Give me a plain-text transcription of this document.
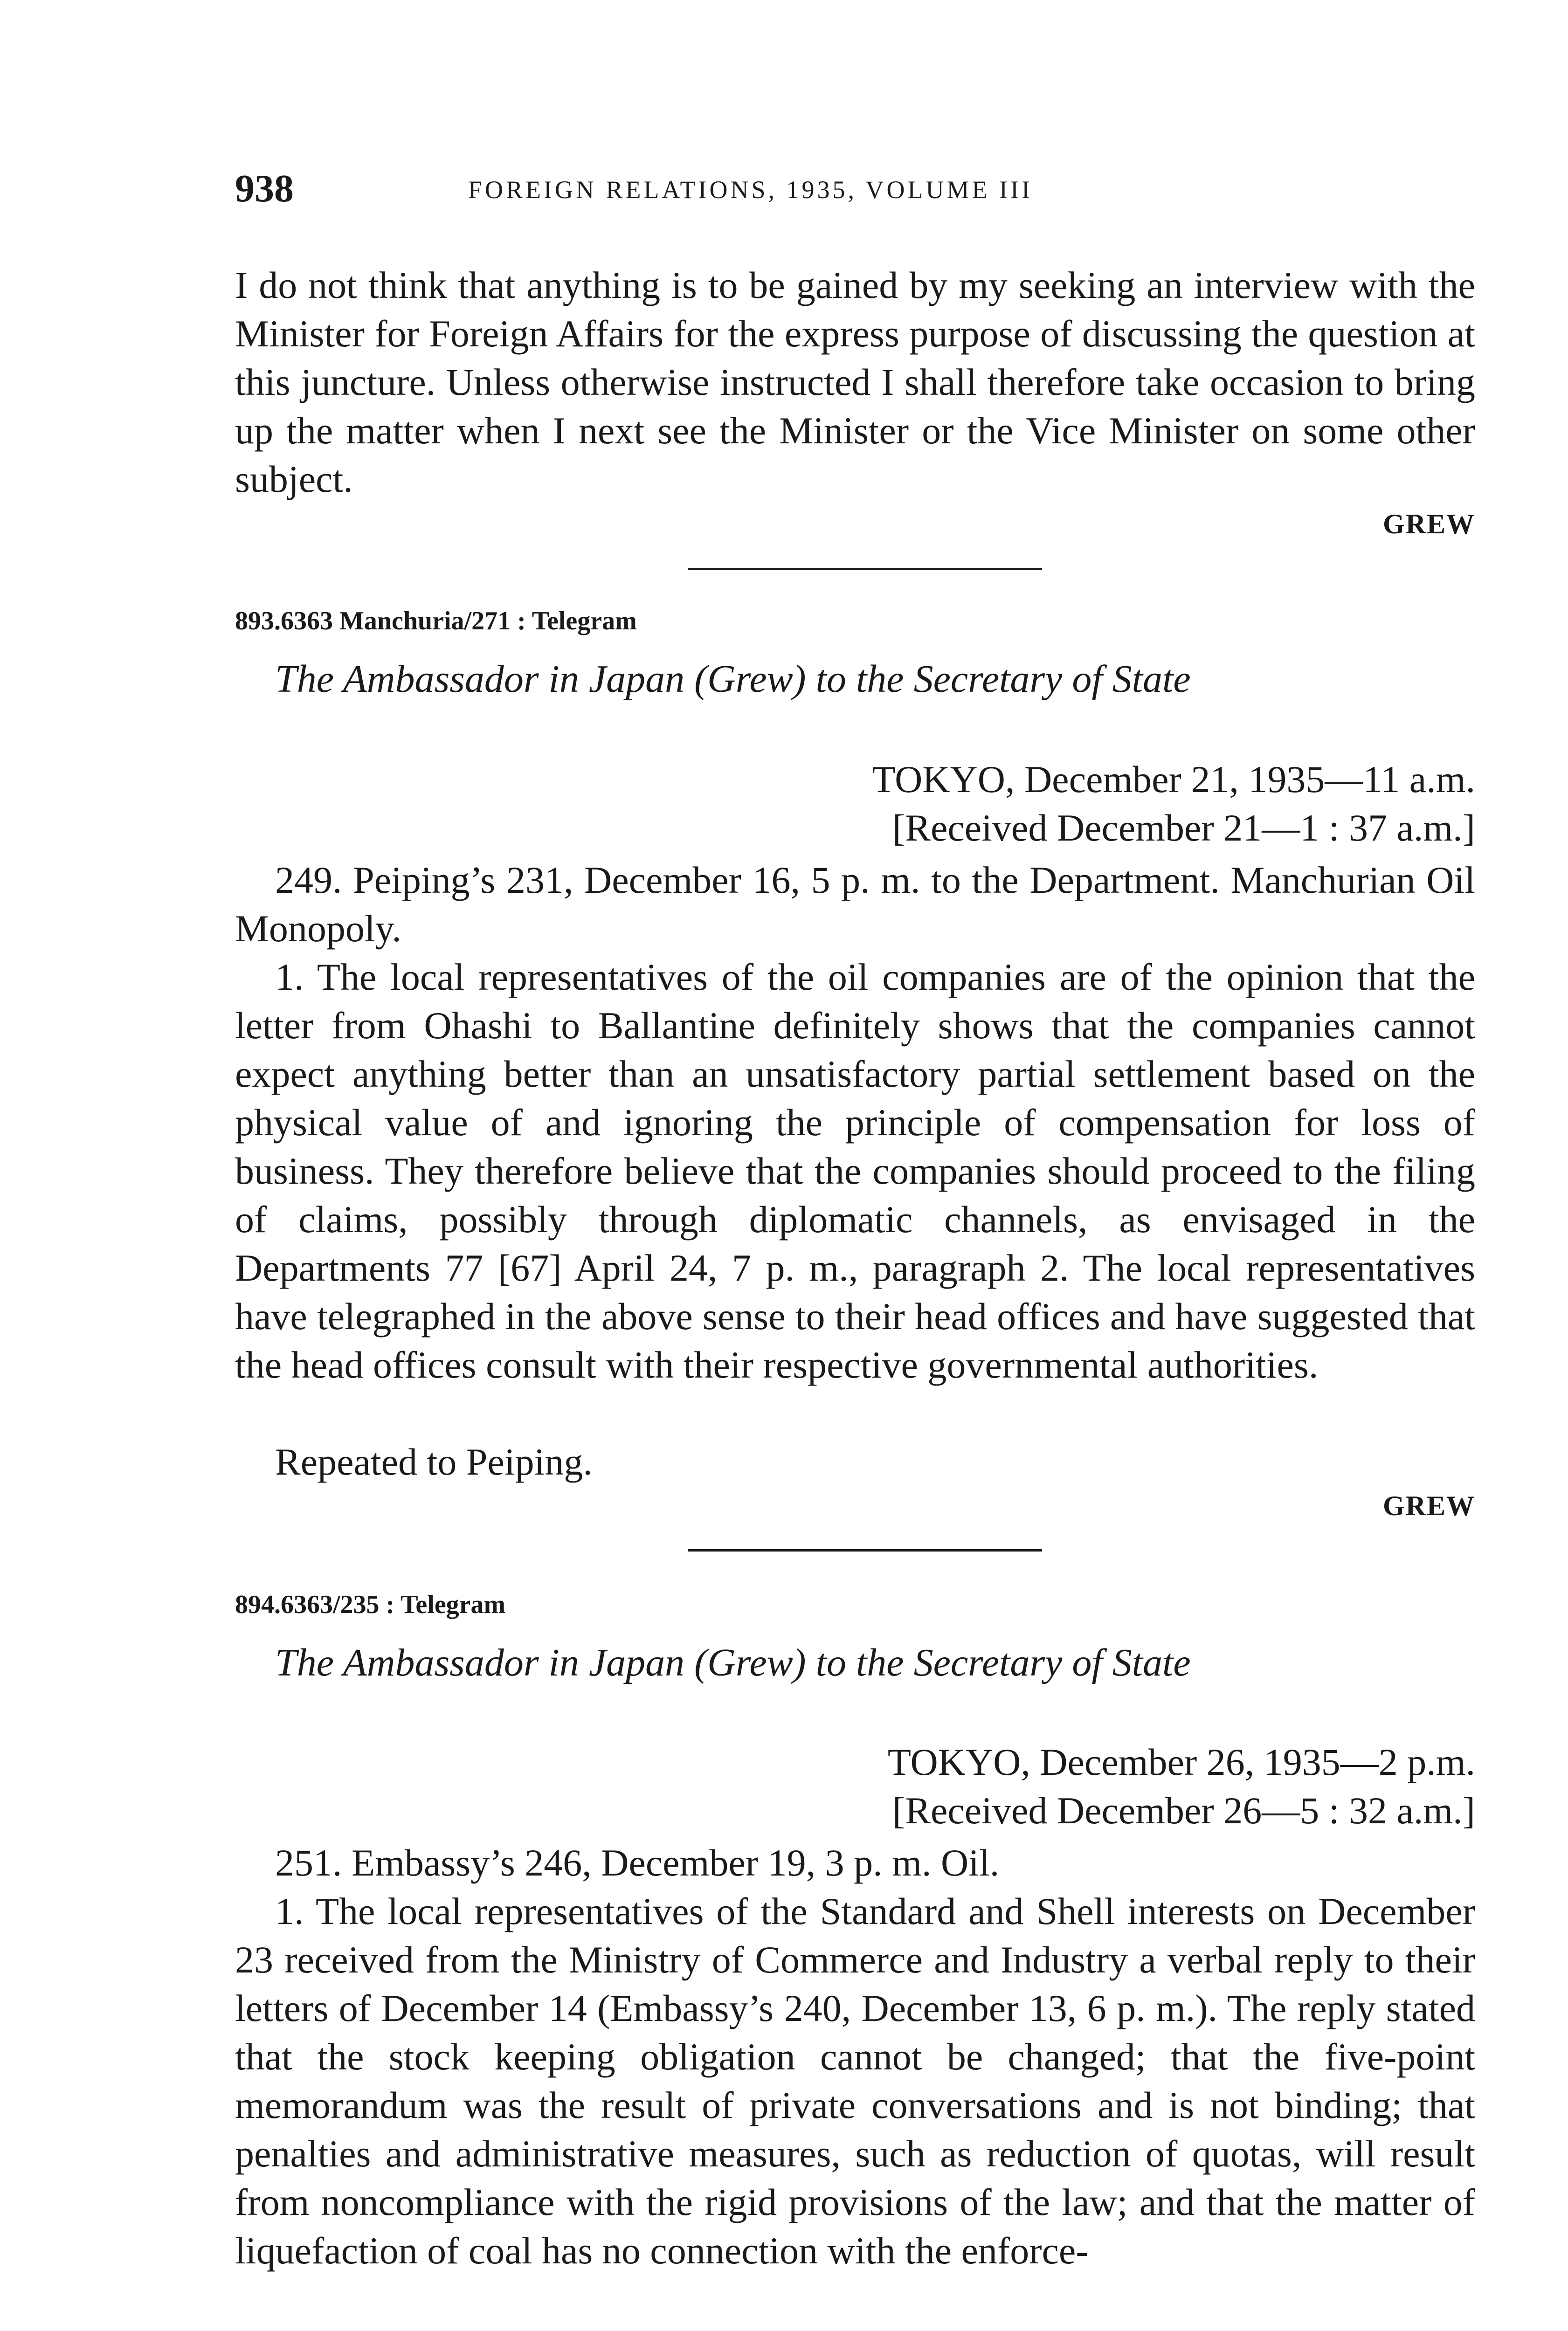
938	FOREIGN RELATIONS, 1935, VOLUME III

I do not think that anything is to be gained by my seeking an interview with the Minister for Foreign Affairs for the express purpose of discussing the question at this juncture. Unless otherwise instructed I shall therefore take occasion to bring up the matter when I next see the Minister or the Vice Minister on some other subject.

GREW
893.6363 Manchuria/271 : Telegram
The Ambassador in Japan (Grew) to the Secretary of State
TOKYO, December 21, 1935—11 a.m.
[Received December 21—1 : 37 a.m.]

249. Peiping’s 231, December 16, 5 p. m. to the Department. Manchurian Oil Monopoly.

1. The local representatives of the oil companies are of the opinion that the letter from Ohashi to Ballantine definitely shows that the companies cannot expect anything better than an unsatisfactory partial settlement based on the physical value of and ignoring the principle of compensation for loss of business. They therefore believe that the companies should proceed to the filing of claims, possibly through diplomatic channels, as envisaged in the Departments 77 [67] April 24, 7 p. m., paragraph 2. The local representatives have telegraphed in the above sense to their head offices and have suggested that the head offices consult with their respective governmental authorities.

Repeated to Peiping.

GREW
894.6363/235 : Telegram
The Ambassador in Japan (Grew) to the Secretary of State
TOKYO, December 26, 1935—2 p.m.
[Received December 26—5 : 32 a.m.]

251. Embassy’s 246, December 19, 3 p. m. Oil.

1. The local representatives of the Standard and Shell interests on December 23 received from the Ministry of Commerce and Industry a verbal reply to their letters of December 14 (Embassy’s 240, December 13, 6 p. m.). The reply stated that the stock keeping obligation cannot be changed; that the five-point memorandum was the result of private conversations and is not binding; that penalties and administrative measures, such as reduction of quotas, will result from noncompliance with the rigid provisions of the law; and that the matter of liquefaction of coal has no connection with the enforce-
